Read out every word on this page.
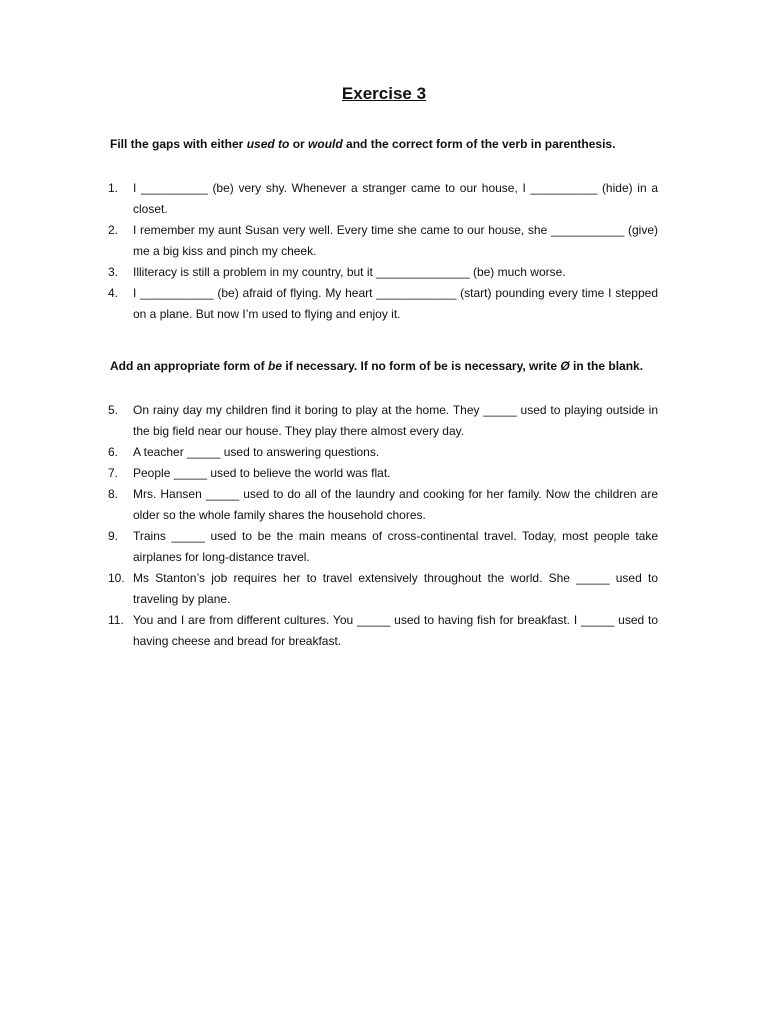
Exercise 3
Fill the gaps with either used to or would and the correct form of the verb in parenthesis.
1.	I __________ (be) very shy. Whenever a stranger came to our house, I __________ (hide) in a closet.
2.	I remember my aunt Susan very well. Every time she came to our house, she ___________ (give) me a big kiss and pinch my cheek.
3.	Illiteracy is still a problem in my country, but it ______________ (be) much worse.
4.	I ___________ (be) afraid of flying. My heart ____________ (start) pounding every time I stepped on a plane. But now I’m used to flying and enjoy it.
Add an appropriate form of be if necessary. If no form of be is necessary, write Ø in the blank.
5.	On rainy day my children find it boring to play at the home. They _____ used to playing outside in the big field near our house. They play there almost every day.
6.	A teacher _____ used to answering questions.
7.	People _____ used to believe the world was flat.
8.	Mrs. Hansen _____ used to do all of the laundry and cooking for her family. Now the children are older so the whole family shares the household chores.
9.	Trains _____ used to be the main means of cross-continental travel. Today, most people take airplanes for long-distance travel.
10. Ms Stanton’s job requires her to travel extensively throughout the world. She _____ used to traveling by plane.
11. You and I are from different cultures. You _____ used to having fish for breakfast. I _____ used to having cheese and bread for breakfast.
